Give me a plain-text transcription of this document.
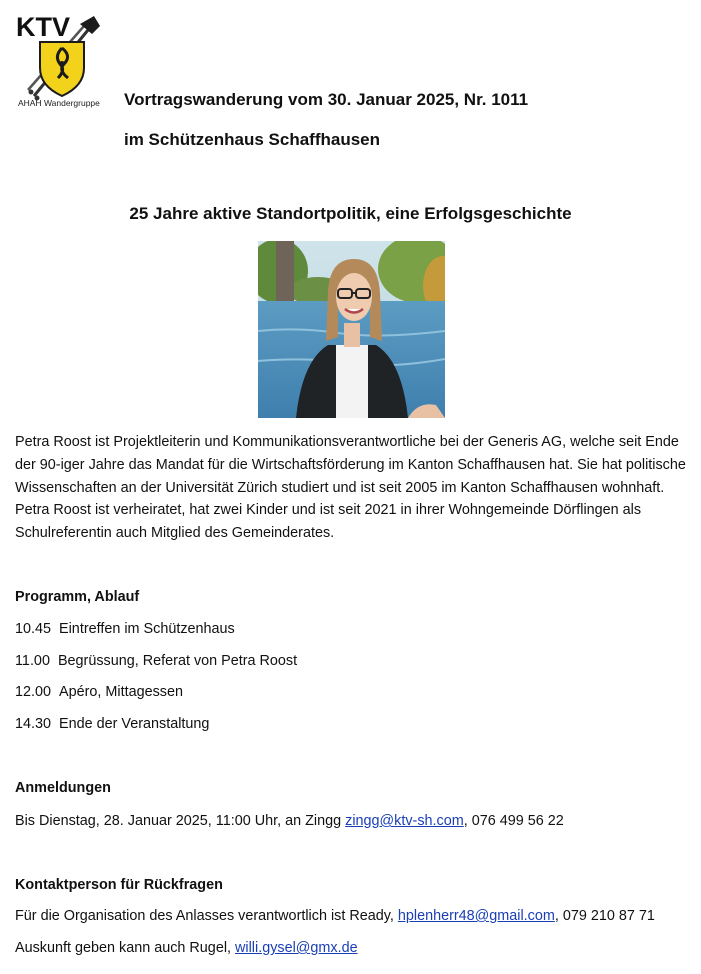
KTV
AHAH Wandergruppe Vortragswanderung vom 30. Januar 2025, Nr. 1011
im Schützenhaus Schaffhausen
25 Jahre aktive Standortpolitik, eine Erfolgsgeschichte
Petra Roost ist Projektleiterin und Kommunikationsverantwortliche bei der Generis AG, welche seit Ende der 90-iger Jahre das Mandat für die Wirtschaftsförderung im Kanton Schaffhausen hat. Sie hat politische Wissenschaften an der Universität Zürich studiert und ist seit 2005 im Kanton Schaffhausen wohnhaft. Petra Roost ist verheiratet, hat zwei Kinder und ist seit 2021 in ihrer Wohngemeinde Dörflingen als Schulreferentin auch Mitglied des Gemeinderates.
Programm, Ablauf
10.45 Eintreffen im Schützenhaus
11.00 Begrüssung, Referat von Petra Roost
12.00 Apéro, Mittagessen
14.30 Ende der Veranstaltung
Anmeldungen
Bis Dienstag, 28. Januar 2025, 11:00 Uhr, an Zingg zingg@ktv-sh.com, 076 499 56 22
Kontaktperson für Rückfragen
Für die Organisation des Anlasses verantwortlich ist Ready, hplenherr48@gmail.com, 079 210 87 71
Auskunft geben kann auch Rugel, willi.gysel@gmx.de
